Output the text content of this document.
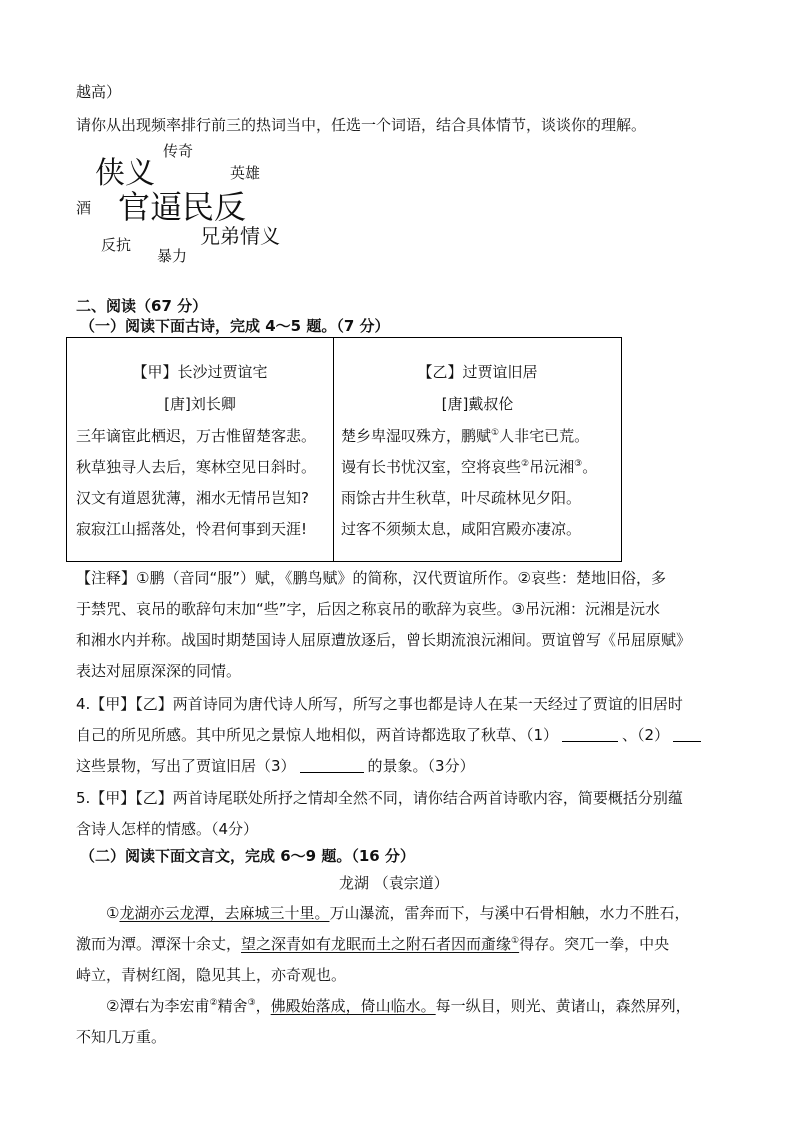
越高）
请你从出现频率排行前三的热词当中，任选一个词语，结合具体情节，谈谈你的理解。
侠义
传奇
英雄
酒 官逼民反
兄弟情义
反抗
暴力
二、阅读（67 分）
（一）阅读下面古诗，完成 4～5 题。（7 分）
【甲】长沙过贾谊宅
[唐]刘长卿
三年谪宦此栖迟，万古惟留楚客悲。
秋草独寻人去后，寒林空见日斜时。
汉文有道恩犹薄，湘水无情吊岂知?
寂寂江山摇落处，怜君何事到天涯!
【乙】过贾谊旧居
[唐]戴叔伦
楚乡卑湿叹殊方，鹏赋①人非宅已荒。
谩有长书忧汉室，空将哀些②吊沅湘③。
雨馀古井生秋草，叶尽疏林见夕阳。
过客不须频太息，咸阳宫殿亦凄凉。
【注释】①鹏（音同“服”）赋，《鹏鸟赋》的简称，汉代贾谊所作。②哀些：楚地旧俗，多
于禁咒、哀吊的歌辞句末加“些”字，后因之称哀吊的歌辞为哀些。③吊沅湘：沅湘是沅水
和湘水内并称。战国时期楚国诗人屈原遭放逐后，曾长期流浪沅湘间。贾谊曾写《吊屈原赋》
表达对屈原深深的同情。
4.【甲】【乙】两首诗同为唐代诗人所写，所写之事也都是诗人在某一天经过了贾谊的旧居时
自己的所见所感。其中所见之景惊人地相似，两首诗都选取了秋草、（1）	、（2）
这些景物，写出了贾谊旧居（3）	的景象。（3分）
5.【甲】【乙】两首诗尾联处所抒之情却全然不同，请你结合两首诗歌内容，简要概括分别蕴
含诗人怎样的情感。（4分）
（二）阅读下面文言文，完成 6～9 题。（16 分）
龙湖 （袁宗道）
①龙湖亦云龙潭，去麻城三十里。万山瀑流，雷奔而下，与溪中石骨相触，水力不胜石，
激而为潭。潭深十余丈，望之深青如有龙眠而土之附石者因而齑缘①得存。突兀一拳，中央
峙立，青树红阁，隐见其上，亦奇观也。
②潭右为李宏甫②精舍③，佛殿始落成，倚山临水。每一纵目，则光、黄诸山，森然屏列，
不知几万重。
